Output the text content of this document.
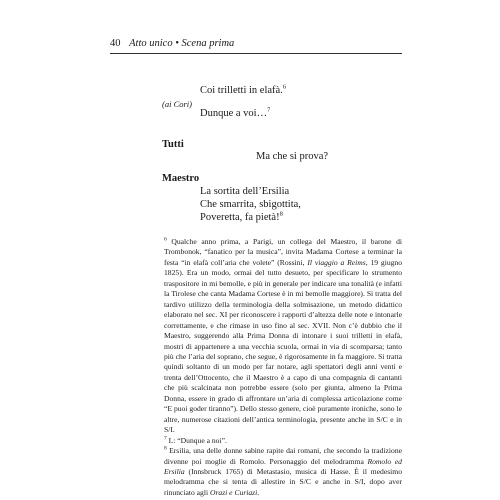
40 Atto unico • Scena prima
Coi trilletti in elafà.$^6$
(ai Cori)
Dunque a voi…$^7$
Tutti
Ma che si prova?
Maestro
La sortita dell’Ersilia
Che smarrita, sbigottita,
Poveretta, fa pietà!$^8$

$^6$ Qualche anno prima, a Parigi, un collega del Maestro, il barone di Trombonok, “fanatico per la musica”, invita Madama Cortese a terminar la festa “in elafà coll’aria che volete” (Rossini, Il viaggio a Reims, 19 giugno 1825). Era un modo, ormai del tutto desueto, per specificare lo strumento traspositore in mi bemolle, e più in generale per indicare una tonalità (e infatti la Tirolese che canta Madama Cortese è in mi bemolle maggiore). Si tratta del tardivo utilizzo della terminologia della solmisazione, un metodo didattico elaborato nel sec. XI per riconoscere i rapporti d’altezza delle note e intonarle correttamente, e che rimase in uso fino al sec. XVII. Non c’è dubbio che il Maestro, suggerendo alla Prima Donna di intonare i suoi trilletti in elafà, mostri di appartenere a una vecchia scuola, ormai in via di scomparsa; tanto più che l’aria del soprano, che segue, è rigorosamente in fa maggiore. Si tratta quindi soltanto di un modo per far notare, agli spettatori degli anni venti e trenta dell’Ottocento, che il Maestro è a capo di una compagnia di cantanti che più scalcinata non potrebbe essere (solo per giunta, almeno la Prima Donna, essere in grado di affrontare un’aria di complessa articolazione come “E puoi goder tiranno”). Dello stesso genere, cioè puramente ironiche, sono le altre, numerose citazioni dell’antica terminologia, presente anche in S/C e in S/I.

$^7$ L: “Dunque a noi”.

$^8$ Ersilia, una delle donne sabine rapite dai romani, che secondo la tradizione divenne poi moglie di Romolo. Personaggio del melodramma Romolo ed Ersilia (Innsbruck 1765) di Metastasio, musica di Hasse. È il medesimo melodramma che si tenta di allestire in S/C e anche in S/I, dopo aver rinunciato agli Orazi e Curiazi.
